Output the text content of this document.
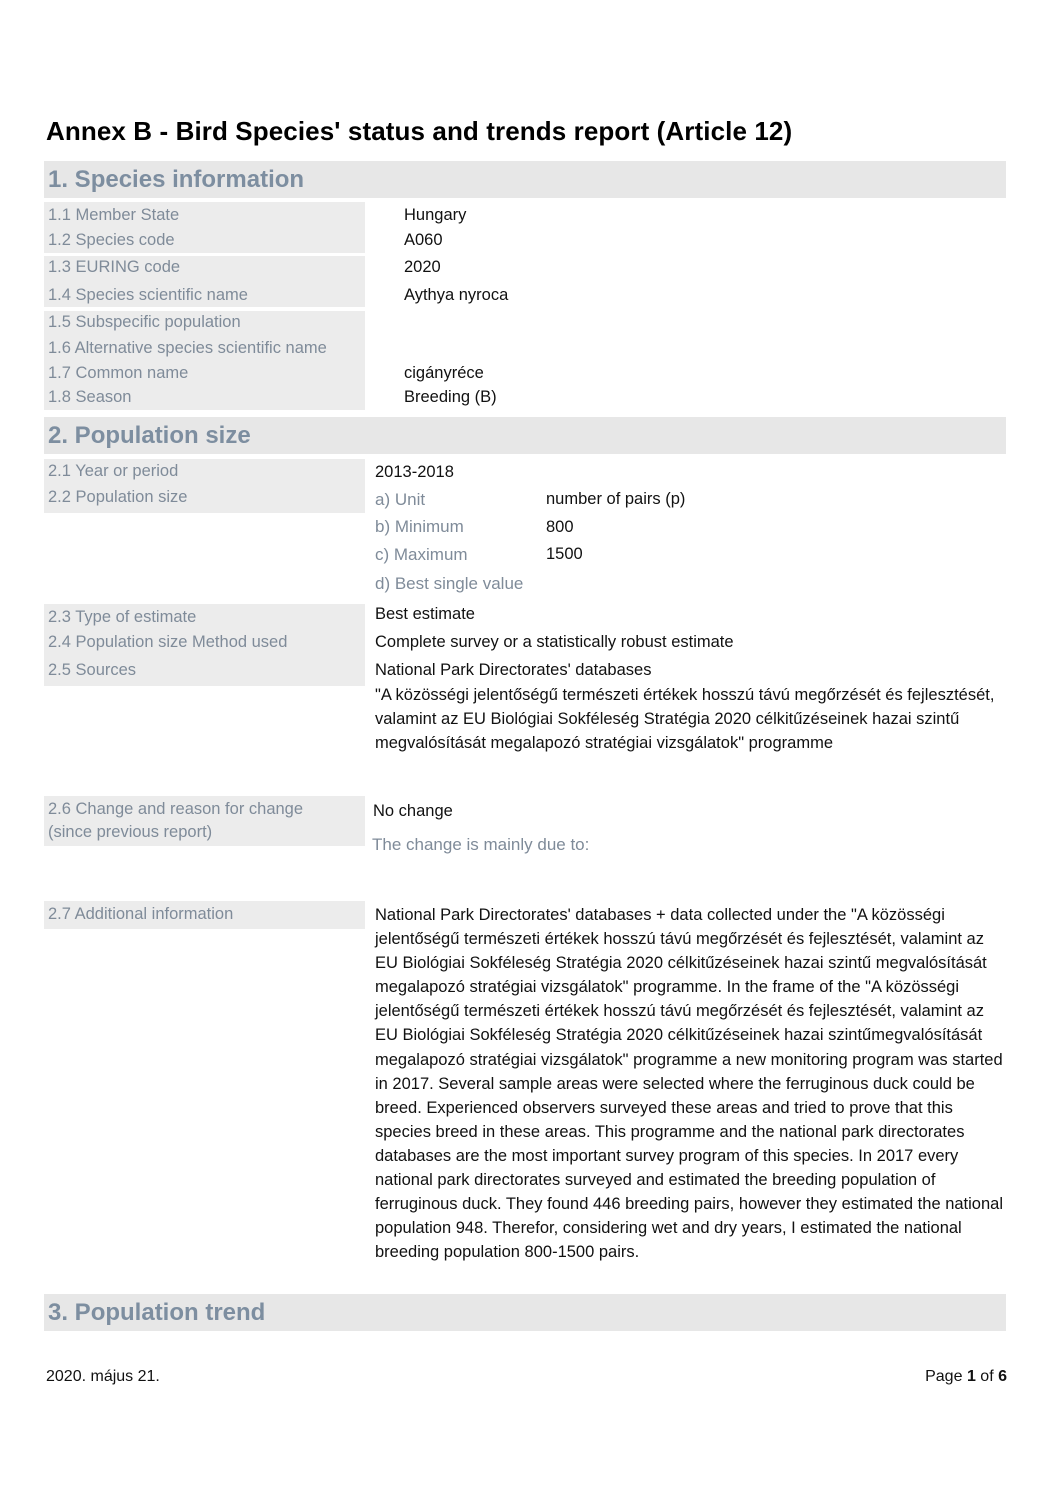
Annex B - Bird Species' status and trends report (Article 12)
1. Species information
1.1 Member State	Hungary
1.2 Species code	A060
1.3 EURING code	2020
1.4 Species scientific name	Aythya nyroca
1.5 Subspecific population
1.6 Alternative species scientific name
1.7 Common name	cigányréce
1.8 Season	Breeding (B)
2. Population size
2.1 Year or period	2013-2018
2.2 Population size	a) Unit	number of pairs (p)
b) Minimum	800
c) Maximum	1500
d) Best single value
2.3 Type of estimate	Best estimate
2.4 Population size Method used	Complete survey or a statistically robust estimate
2.5 Sources	National Park Directorates' databases
"A közösségi jelentőségű természeti értékek hosszú távú megőrzését és fejlesztését, valamint az EU Biológiai Sokféleség Stratégia 2020 célkitűzéseinek hazai szintű megvalósítását megalapozó stratégiai vizsgálatok" programme
2.6 Change and reason for change
(since previous report)
No change
The change is mainly due to:
2.7 Additional information	National Park Directorates' databases + data collected under the "A közösségi jelentőségű természeti értékek hosszú távú megőrzését és fejlesztését, valamint az EU Biológiai Sokféleség Stratégia 2020 célkitűzéseinek hazai szintű megvalósítását megalapozó stratégiai vizsgálatok" programme. In the frame of the "A közösségi jelentőségű természeti értékek hosszú távú megőrzését és fejlesztését, valamint az EU Biológiai Sokféleség Stratégia 2020 célkitűzéseinek hazai szintűmegvalósítását megalapozó stratégiai vizsgálatok" programme a new monitoring program was started in 2017. Several sample areas were selected where the ferruginous duck could be breed. Experienced observers surveyed these areas and tried to prove that this species breed in these areas. This programme and the national park directorates databases are the most important survey program of this species. In 2017 every national park directorates surveyed and estimated the breeding population of ferruginous duck. They found 446 breeding pairs, however they estimated the national population 948. Therefor, considering wet and dry years, I estimated the national breeding population 800-1500 pairs.
3. Population trend
2020. május 21.	Page 1 of 6
